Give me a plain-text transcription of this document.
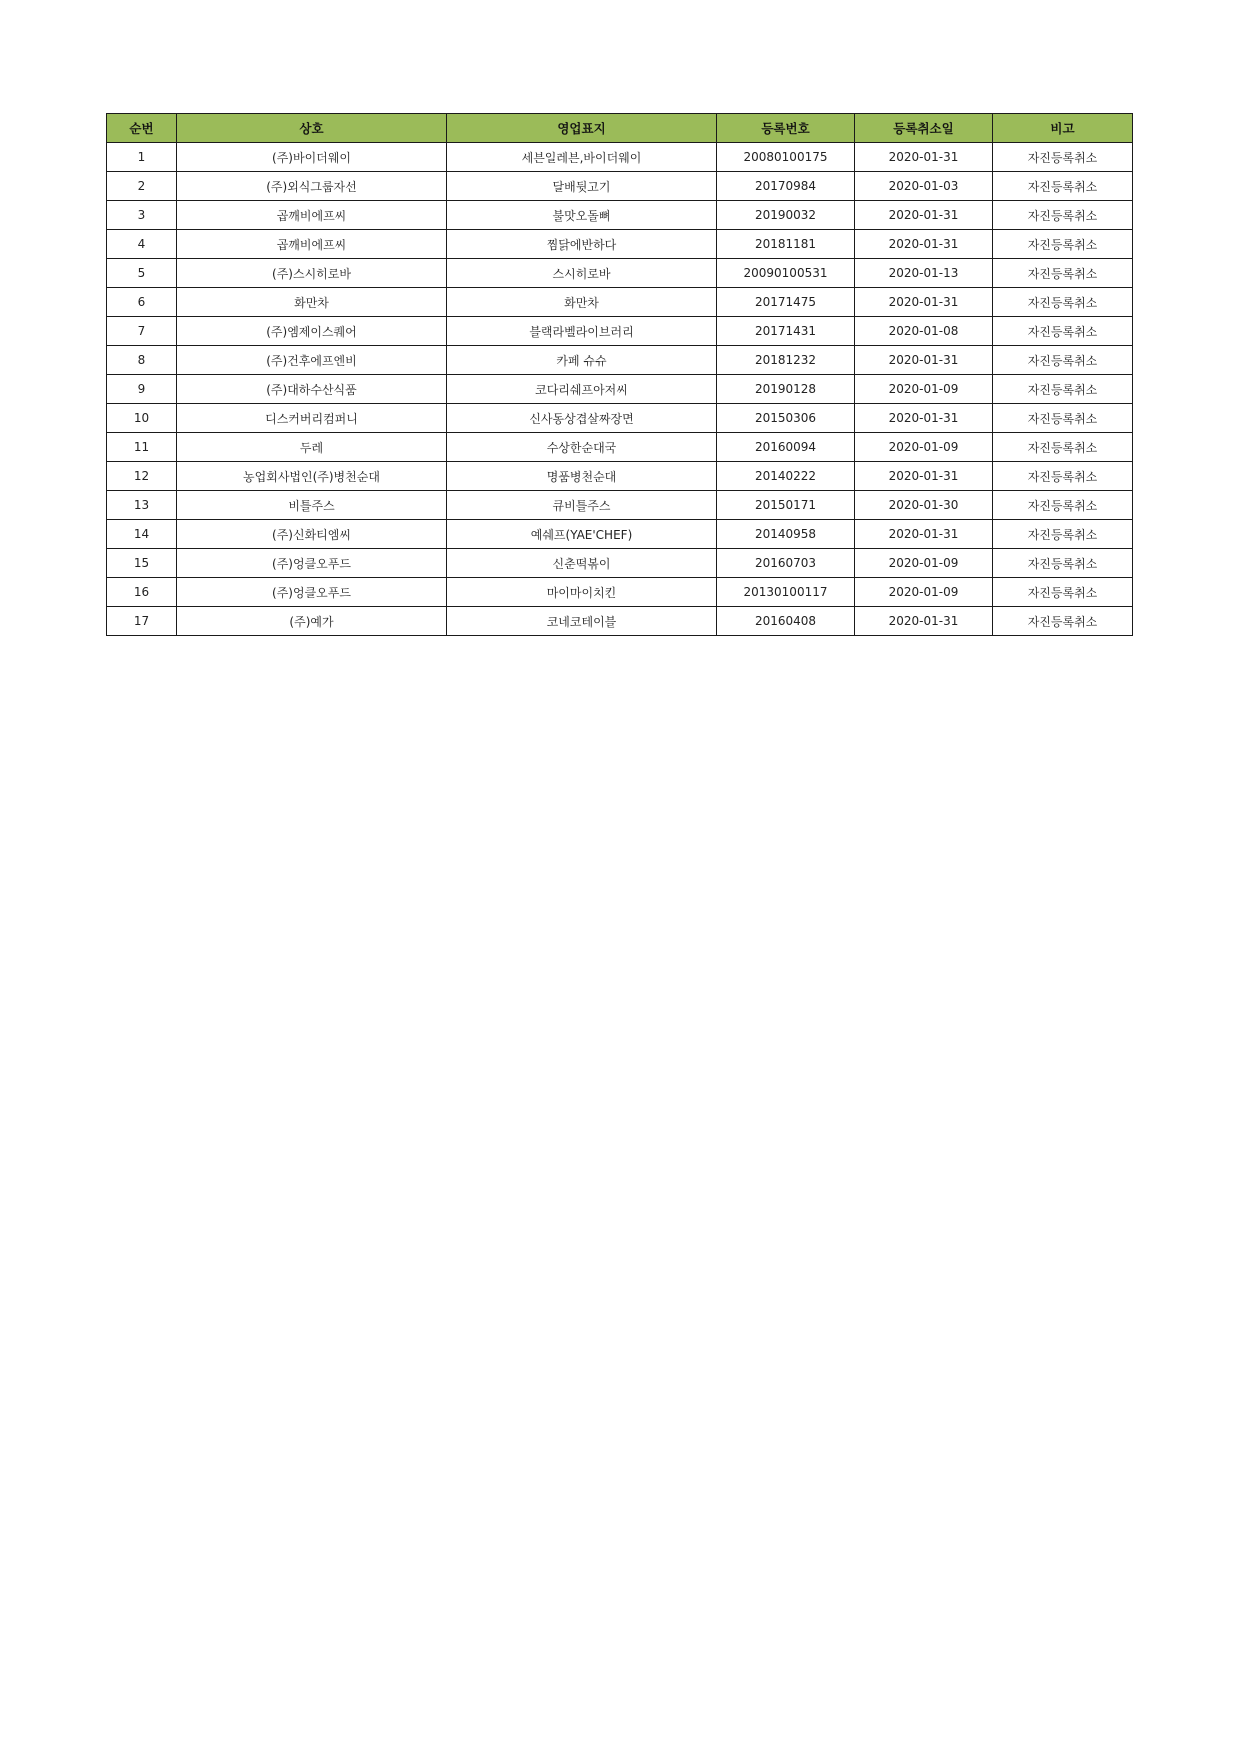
순번	상호	영업표지	등록번호	등록취소일	비고
1	(주)바이더웨이	세븐일레븐,바이더웨이	20080100175	2020-01-31	자진등록취소
2	(주)외식그룹자선	달배뒷고기	20170984	2020-01-03	자진등록취소
3	곱깨비에프씨	불맛오돌뼈	20190032	2020-01-31	자진등록취소
4	곱깨비에프씨	찜닭에반하다	20181181	2020-01-31	자진등록취소
5	(주)스시히로바	스시히로바	20090100531	2020-01-13	자진등록취소
6	화만차	화만차	20171475	2020-01-31	자진등록취소
7	(주)엠제이스퀘어	블랙라벨라이브러리	20171431	2020-01-08	자진등록취소
8	(주)건후에프엔비	카페 슈슈	20181232	2020-01-31	자진등록취소
9	(주)대하수산식품	코다리쉐프아저씨	20190128	2020-01-09	자진등록취소
10	디스커버리컴퍼니	신사동상겹살짜장면	20150306	2020-01-31	자진등록취소
11	두레	수상한순대국	20160094	2020-01-09	자진등록취소
12	농업회사법인(주)병천순대	명품병천순대	20140222	2020-01-31	자진등록취소
13	비틀주스	큐비틀주스	20150171	2020-01-30	자진등록취소
14	(주)신화티엠씨	예쉐프(YAE'CHEF)	20140958	2020-01-31	자진등록취소
15	(주)엉클오푸드	신춘떡볶이	20160703	2020-01-09	자진등록취소
16	(주)엉클오푸드	마이마이치킨	20130100117	2020-01-09	자진등록취소
17	(주)예가	코네코테이블	20160408	2020-01-31	자진등록취소
